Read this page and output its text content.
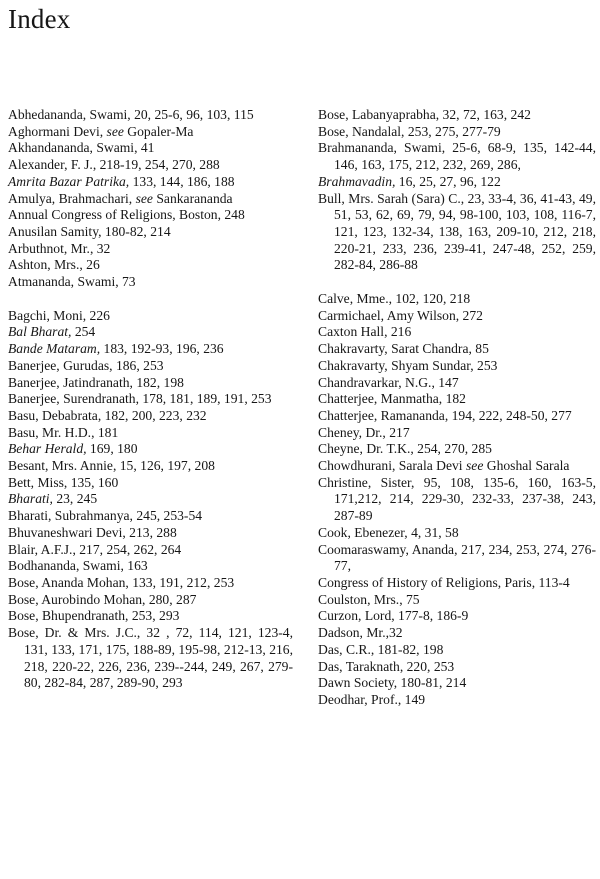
Index

Abhedananda, Swami, 20, 25-6, 96, 103, 115

Aghormani Devi, see Gopaler-Ma

Akhandananda, Swami, 41

Alexander, F. J., 218-19, 254, 270, 288

Amrita Bazar Patrika, 133, 144, 186, 188

Amulya, Brahmachari, see Sankarananda

Annual Congress of Religions, Boston, 248

Anusilan Samity, 180-82, 214

Arbuthnot, Mr., 32

Ashton, Mrs., 26

Atmananda, Swami, 73

Bagchi, Moni, 226

Bal Bharat, 254

Bande Mataram, 183, 192-93, 196, 236

Banerjee, Gurudas, 186, 253

Banerjee, Jatindranath, 182, 198

Banerjee, Surendranath, 178, 181, 189, 191, 253

Basu, Debabrata, 182, 200, 223, 232

Basu, Mr. H.D., 181

Behar Herald, 169, 180

Besant, Mrs. Annie, 15, 126, 197, 208

Bett, Miss, 135, 160

Bharati, 23, 245

Bharati, Subrahmanya, 245, 253-54

Bhuvaneshwari Devi, 213, 288

Blair, A.F.J., 217, 254, 262, 264

Bodhananda, Swami, 163

Bose, Ananda Mohan, 133, 191, 212, 253

Bose, Aurobindo Mohan, 280, 287

Bose, Bhupendranath, 253, 293

Bose, Dr. & Mrs. J.C., 32 , 72, 114, 121, 123-4, 131, 133, 171, 175, 188-89, 195-98, 212-13, 216, 218, 220-22, 226, 236, 239--244, 249, 267, 279-80, 282-84, 287, 289-90, 293

Bose, Labanyaprabha, 32, 72, 163, 242

Bose, Nandalal, 253, 275, 277-79

Brahmananda, Swami, 25-6, 68-9, 135, 142-44, 146, 163, 175, 212, 232, 269, 286,

Brahmavadin, 16, 25, 27, 96, 122

Bull, Mrs. Sarah (Sara) C., 23, 33-4, 36, 41-43, 49, 51, 53, 62, 69, 79, 94, 98-100, 103, 108, 116-7, 121, 123, 132-34, 138, 163, 209-10, 212, 218, 220-21, 233, 236, 239-41, 247-48, 252, 259, 282-84, 286-88

Calve, Mme., 102, 120, 218

Carmichael, Amy Wilson, 272

Caxton Hall, 216

Chakravarty, Sarat Chandra, 85

Chakravarty, Shyam Sundar, 253

Chandravarkar, N.G., 147

Chatterjee, Manmatha, 182

Chatterjee, Ramananda, 194, 222, 248-50, 277

Cheney, Dr., 217

Cheyne, Dr. T.K., 254, 270, 285

Chowdhurani, Sarala Devi see Ghoshal Sarala

Christine, Sister, 95, 108, 135-6, 160, 163-5, 171,212, 214, 229-30, 232-33, 237-38, 243, 287-89

Cook, Ebenezer, 4, 31, 58

Coomaraswamy, Ananda, 217, 234, 253, 274, 276-77,

Congress of History of Religions, Paris, 113-4

Coulston, Mrs., 75

Curzon, Lord, 177-8, 186-9

Dadson, Mr.,32

Das, C.R., 181-82, 198

Das, Taraknath, 220, 253

Dawn Society, 180-81, 214

Deodhar, Prof., 149
